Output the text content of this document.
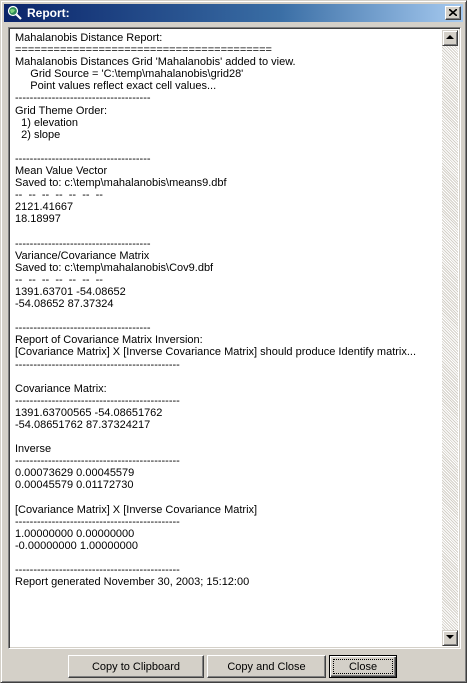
Report:
Mahalanobis Distance Report:
========================================
Mahalanobis Distances Grid 'Mahalanobis' added to view.
Grid Source = 'C:\temp\mahalanobis\grid28'
Point values reflect exact cell values...
-------------------------------------
Grid Theme Order:
1) elevation
2) slope
-------------------------------------
Mean Value Vector
Saved to: c:\temp\mahalanobis\means9.dbf
--  --  --  --  --  --  --
2121.41667
18.18997
-------------------------------------
Variance/Covariance Matrix
Saved to: c:\temp\mahalanobis\Cov9.dbf
--  --  --  --  --  --  --
1391.63701 -54.08652
-54.08652 87.37324
-------------------------------------
Report of Covariance Matrix Inversion:
[Covariance Matrix] X [Inverse Covariance Matrix] should produce Identify matrix...
---------------------------------------------
Covariance Matrix:
---------------------------------------------
1391.63700565 -54.08651762
-54.08651762 87.37324217
Inverse
---------------------------------------------
0.00073629 0.00045579
0.00045579 0.01172730
[Covariance Matrix] X [Inverse Covariance Matrix]
---------------------------------------------
1.00000000 0.00000000
-0.00000000 1.00000000
---------------------------------------------
Report generated November 30, 2003; 15:12:00
Copy to Clipboard	Copy and Close	Close
